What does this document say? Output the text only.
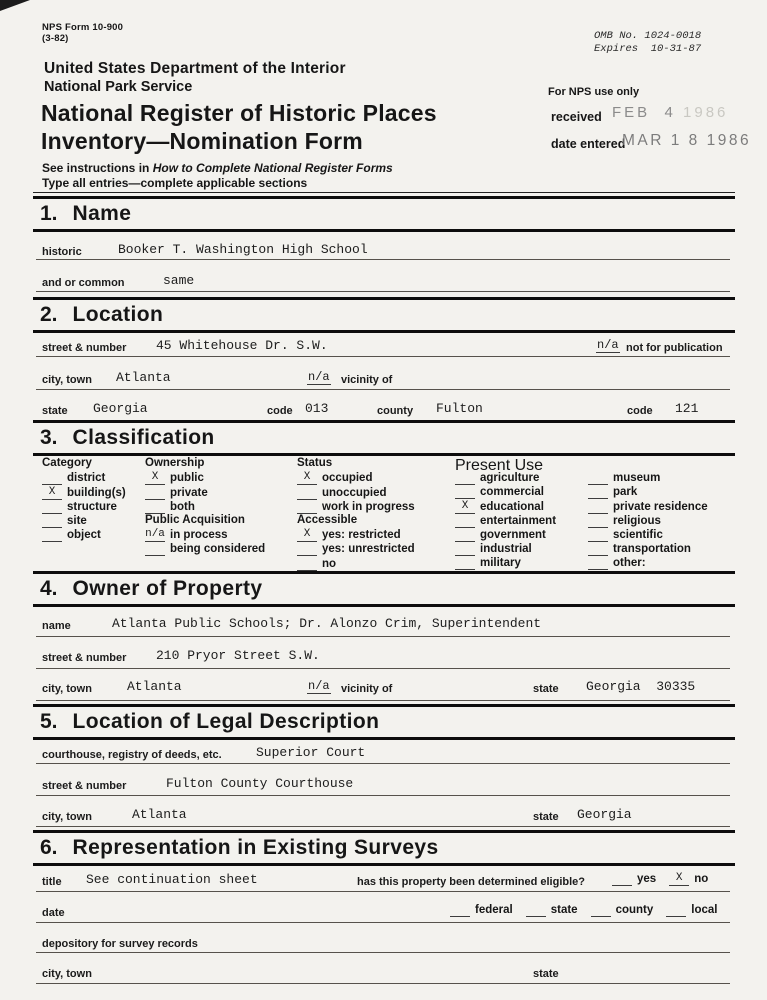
NPS Form 10-900
(3-82)	OMB No. 1024-0018
Expires  10-31-87
United States Department of the Interior
National Park Service
National Register of Historic Places
Inventory—Nomination Form
See instructions in How to Complete National Register Forms
Type all entries—complete applicable sections
For NPS use only
received FEB  4 1986
date entered
MAR 1 8 1986
1. Name
historic	Booker T. Washington High School
and or common	same
2. Location
street & number 45 Whitehouse Dr. S.W.	n/a not for publication
city, town Atlanta	n/a vicinity of
state Georgia	code 013	county Fulton	code 121
3. Classification
Category
district
X	building(s)
structure
site
object
Ownership
X	public
private
both
Public Acquisition
n/a in process
being considered
Status
X	occupied
unoccupied
work in progress
Accessible
X	yes: restricted
yes: unrestricted
no
Present Use
agriculture
commercial
X	educational
entertainment
government
industrial
military
museum
park
private residence
religious
scientific
transportation
other:
4. Owner of Property
name	Atlanta Public Schools; Dr. Alonzo Crim, Superintendent
street & number 210 Pryor Street S.W.
city, town	Atlanta	n/a vicinity of	state Georgia  30335
5. Location of Legal Description
courthouse, registry of deeds, etc.	Superior Court
street & number	Fulton County Courthouse
city, town	Atlanta	state Georgia
6. Representation in Existing Surveys
title See continuation sheet	has this property been determined eligible?	yes	X	no
date	federal	state	county	local
depository for survey records
city, town	state
